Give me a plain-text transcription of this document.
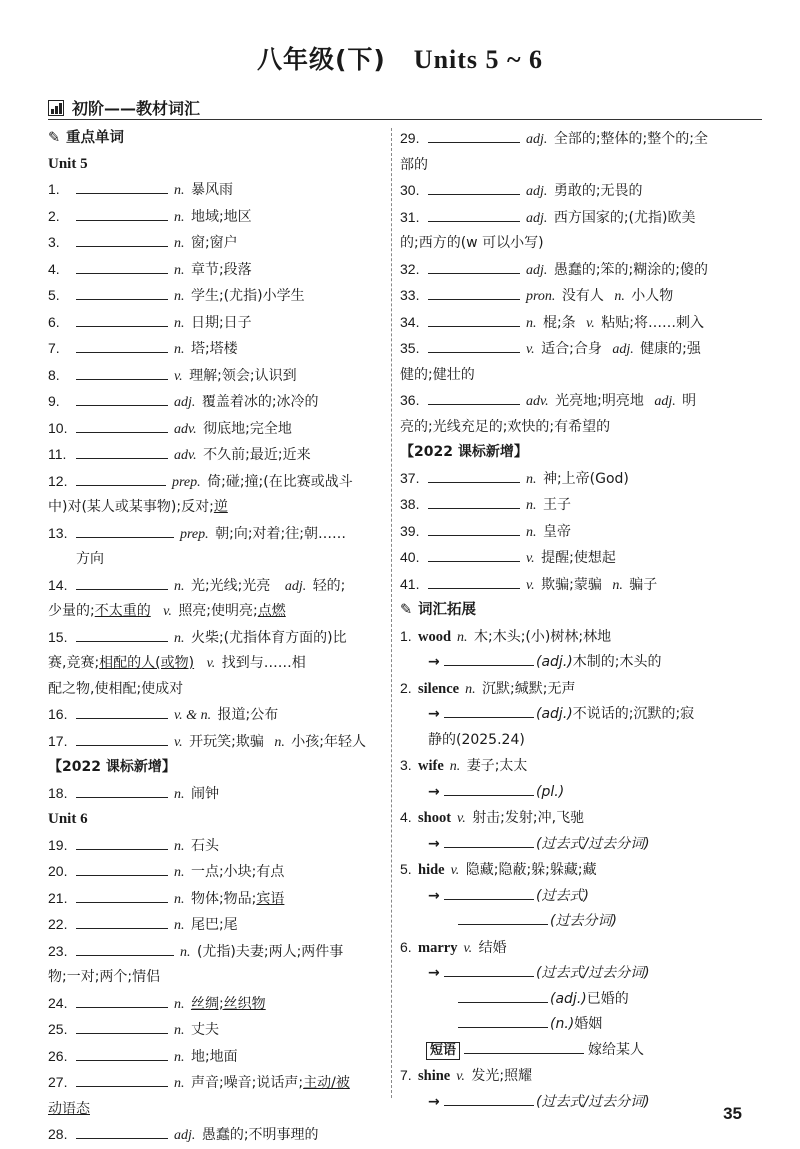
八年级(下) Units 5 ~ 6
初阶——教材词汇
✎ 重点单词
Unit 5
1.	n. 暴风雨
2.	n. 地域;地区
3.	n. 窗;窗户
4.	n. 章节;段落
5.	n. 学生;(尤指)小学生
6.	n. 日期;日子
7.	n. 塔;塔楼
8.	v. 理解;领会;认识到
9.	adj. 覆盖着冰的;冰冷的
10.	adv. 彻底地;完全地
11.	adv. 不久前;最近;近来
12.	prep. 倚;碰;撞;(在比赛或战斗
中)对(某人或某事物);反对;逆
13.	prep. 朝;向;对着;往;朝……
方向
14.	n. 光;光线;光亮 adj. 轻的;
少量的;不太重的 v. 照亮;使明亮;点燃
15.	n. 火柴;(尤指体育方面的)比
赛,竞赛;相配的人(或物) v. 找到与……相
配之物,使相配;使成对
16.	v. & n. 报道;公布
17.	v. 开玩笑;欺骗 n. 小孩;年轻人
【2022 课标新增】
18.	n. 闹钟
Unit 6
19.	n. 石头
20.	n. 一点;小块;有点
21.	n. 物体;物品;宾语
22.	n. 尾巴;尾
23.	n. (尤指)夫妻;两人;两件事
物;一对;两个;情侣
24.	n. 丝绸;丝织物
25.	n. 丈夫
26.	n. 地;地面
27.	n. 声音;噪音;说话声;主动/被
动语态
28.	adj. 愚蠢的;不明事理的
29.	adj. 全部的;整体的;整个的;全
部的
30.	adj. 勇敢的;无畏的
31.	adj. 西方国家的;(尤指)欧美
的;西方的(w 可以小写)
32.	adj. 愚蠢的;笨的;糊涂的;傻的
33.	pron. 没有人 n. 小人物
34.	n. 棍;条 v. 粘贴;将……刺入
35.	v. 适合;合身 adj. 健康的;强
健的;健壮的
36.	adv. 光亮地;明亮地 adj. 明
亮的;光线充足的;欢快的;有希望的
【2022 课标新增】
37.	n. 神;上帝(God)
38.	n. 王子
39.	n. 皇帝
40.	v. 提醒;使想起
41.	v. 欺骗;蒙骗 n. 骗子
✎ 词汇拓展
1. wood n. 木;木头;(小)树林;林地
→	(adj.)木制的;木头的
2. silence n. 沉默;缄默;无声
→	(adj.)不说话的;沉默的;寂
静的(2025.24)
3. wife n. 妻子;太太
→	(pl.)
4. shoot v. 射击;发射;冲,飞驰
→	(过去式/过去分词)
5. hide v. 隐藏;隐蔽;躲;躲藏;藏
→	(过去式)
(过去分词)
6. marry v. 结婚
→	(过去式/过去分词)
(adj.)已婚的
(n.)婚姻
短语	嫁给某人
7. shine v. 发光;照耀
→	(过去式/过去分词)
35
